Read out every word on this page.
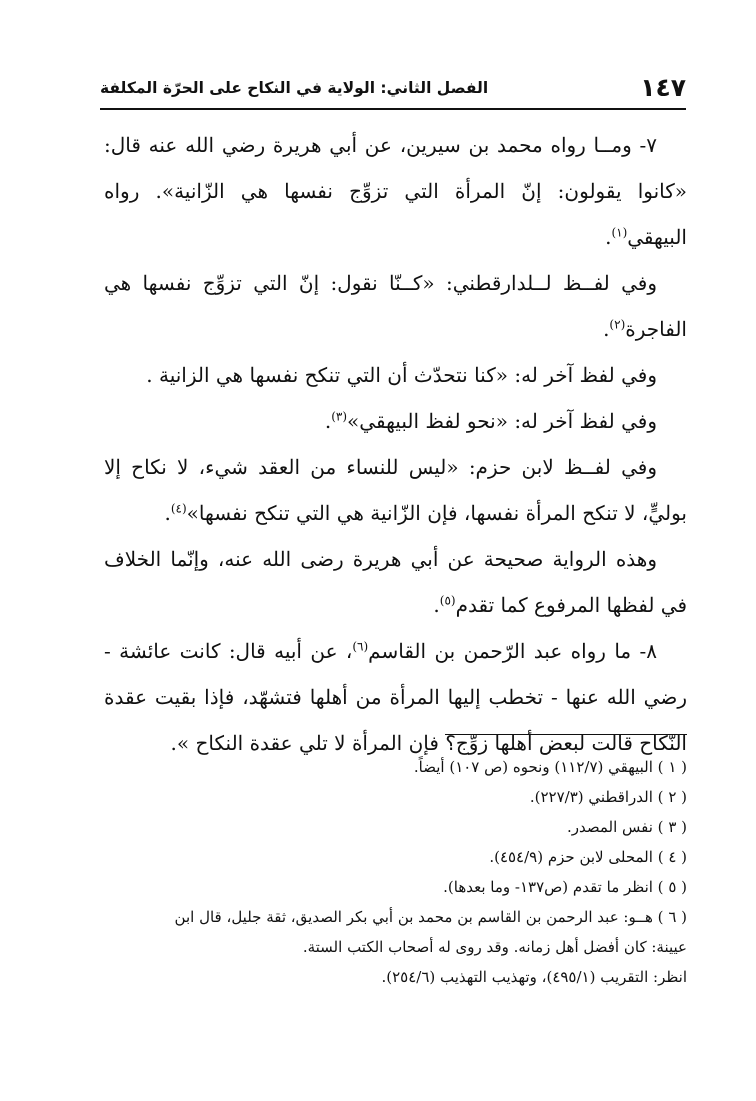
١٤٧
الفصل الثاني: الولاية في النكاح على الحرّة المكلفة

٧- ومــا رواه محمد بن سيرين، عن أبي هريرة رضي الله عنه قال: «كانوا يقولون: إنّ المرأة التي تزوِّج نفسها هي الزّانية». رواه البيهقي$^{(١)}$.

وفي لفــظ لــلدارقطني: «كــنّا نقول: إنّ التي تزوِّج نفسها هي الفاجرة$^{(٢)}$.

وفي لفظ آخر له: «كنا نتحدّث أن التي تنكح نفسها هي الزانية .

وفي لفظ آخر له: «نحو لفظ البيهقي»$^{(٣)}$.

وفي لفــظ لابن حزم: «ليس للنساء من العقد شيء، لا نكاح إلا بوليٍّ، لا تنكح المرأة نفسها، فإن الزّانية هي التي تنكح نفسها»$^{(٤)}$.

وهذه الرواية صحيحة عن أبي هريرة رضى الله عنه، وإنّما الخلاف في لفظها المرفوع كما تقدم$^{(٥)}$.

٨- ما رواه عبد الرّحمن بن القاسم$^{(٦)}$، عن أبيه قال: كانت عائشة - رضي الله عنها - تخطب إليها المرأة من أهلها فتشهّد، فإذا بقيت عقدة النّكاح قالت لبعض أهلها زوِّج؟ فإن المرأة لا تلي عقدة النكاح ».

( ١ ) البيهقي (١١٢/٧) ونحوه (ص ١٠٧) أيضاً.

( ٢ ) الدراقطني (٢٢٧/٣).

( ٣ ) نفس المصدر.

( ٤ ) المحلى لابن حزم (٤٥٤/٩).

( ٥ ) انظر ما تقدم (ص١٣٧- وما بعدها).

( ٦ ) هــو: عبد الرحمن بن القاسم بن محمد بن أبي بكر الصديق، ثقة جليل، قال ابن

عيينة: كان أفضل أهل زمانه. وقد روى له أصحاب الكتب الستة.

انظر: التقريب (٤٩٥/١)، وتهذيب التهذيب (٢٥٤/٦).
